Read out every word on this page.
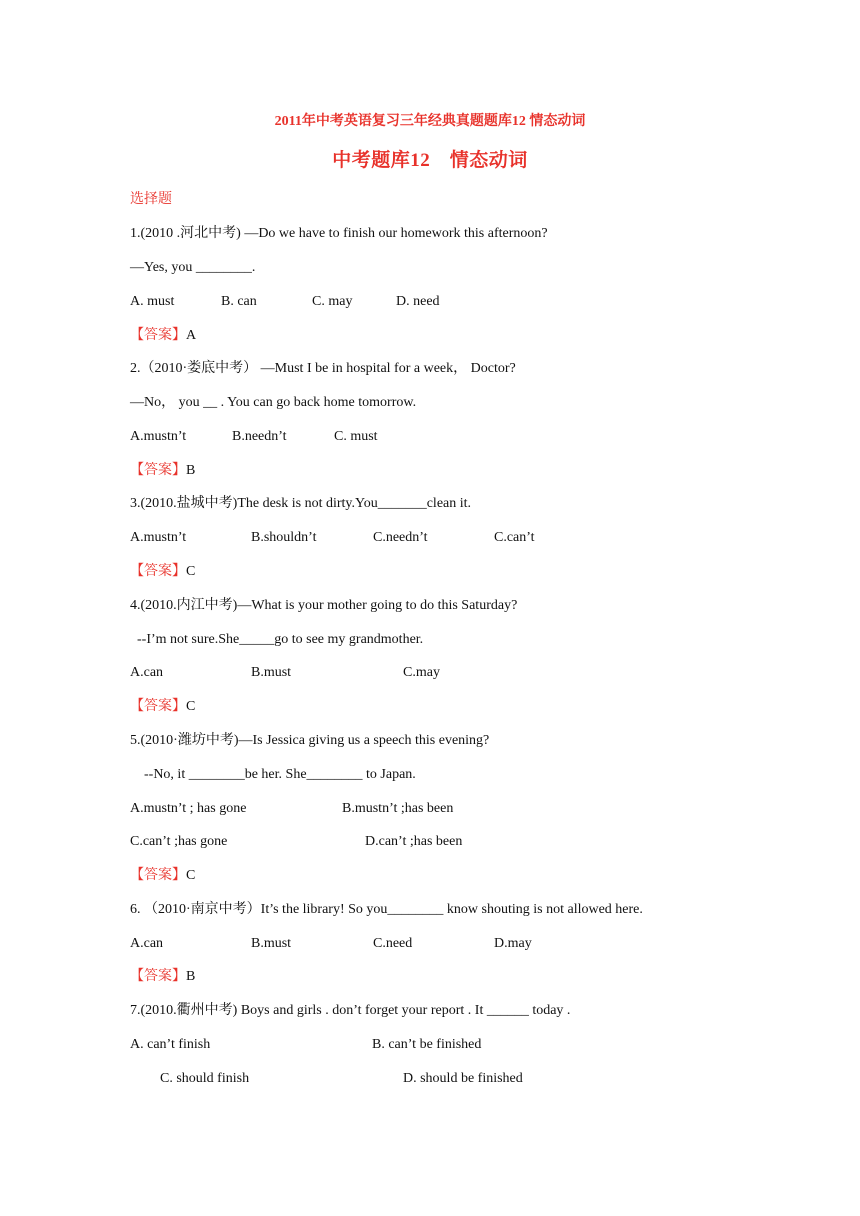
2011年中考英语复习三年经典真题题库12 情态动词
中考题库12　情态动词
选择题
1.(2010 .河北中考) —Do we have to finish our homework this afternoon?
—Yes, you ________.
A. must	B. can	C. may	D. need
【答案】A
2.（2010·娄底中考） —Must I be in hospital for a week， Doctor?
—No， you __ . You can go back home tomorrow.
A.mustn’t	B.needn’t	C. must
【答案】B
3.(2010.盐城中考)The desk is not dirty.You_______clean it.
A.mustn’t	B.shouldn’t	C.needn’t	C.can’t
【答案】C
4.(2010.内江中考)—What is your mother going to do this Saturday?
--I’m not sure.She_____go to see my grandmother.
A.can	B.must	C.may
【答案】C
5.(2010·潍坊中考)—Is Jessica giving us a speech this evening?
--No, it ________be her. She________ to Japan.
A.mustn’t ; has gone	B.mustn’t ;has been
C.can’t ;has gone	D.can’t ;has been
【答案】C
6. （2010·南京中考）It’s the library! So you________ know shouting is not allowed here.
A.can	B.must	C.need	D.may
【答案】B
7.(2010.衢州中考) Boys and girls . don’t forget your report . It ______ today .
A. can’t finish	B. can’t be finished
C. should finish	D. should be finished
